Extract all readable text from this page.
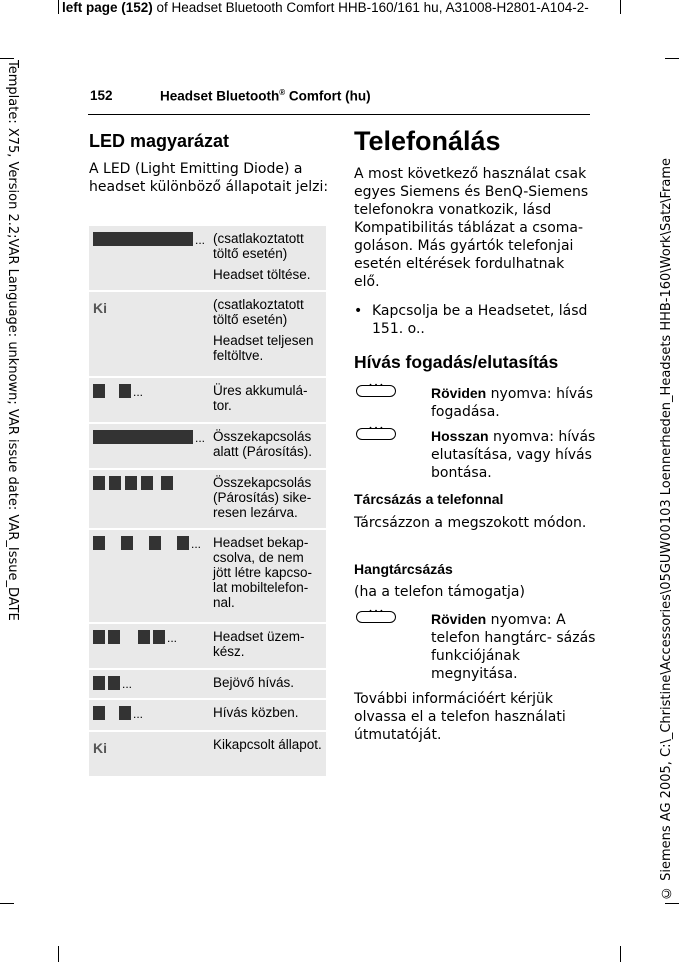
left page (152) of Headset Bluetooth Comfort HHB-160/161 hu, A31008-H2801-A104-2-
Template: X75, Version 2.2;VAR Language: unknown; VAR issue date: VAR_Issue_DATE	© Siemens AG 2005, C:\_Christine\Accessories\05GUW00103 Loennerheden_Headsets HHB-160\Work\Satz\Frame
152	Headset Bluetooth® Comfort (hu)
LED magyarázat
A LED (Light Emitting Diode) a headset különböző állapotait jelzi:
... (csatlakoztatott töltő esetén)

Headset töltése.

Ki	(csatlakoztatott töltő esetén)

Headset teljesen feltöltve.

...	Üres akkumulá- tor.

... Összekapcsolás alatt (Párosítás).

Összekapcsolás (Párosítás) sike- resen lezárva.

... Headset bekap- csolva, de nem jött létre kapcso- lat mobiltelefon- nal.

...	Headset üzem- kész.

...	Bejövő hívás.

...	Hívás közben.

Ki	Kikapcsolt állapot.

Telefonálás
A most következő használat csak egyes Siemens és BenQ-Siemens telefonokra vonatkozik, lásd Kompatibilitás táblázat a csoma-goláson. Más gyártók telefonjai esetén eltérések fordulhatnak elő.
• Kapcsolja be a Headsetet, lásd 151. o..
Hívás fogadás/elutasítás
• • •
Röviden nyomva: hívás fogadása.
• • •
Hosszan nyomva: hívás elutasítása, vagy hívás bontása.
Tárcsázás a telefonnal
Tárcsázzon a megszokott módon.
Hangtárcsázás
(ha a telefon támogatja)
• • •
Röviden nyomva: A telefon hangtárc- sázás funkciójának megnyitása.
További információért kérjük olvassa el a telefon használati útmutatóját.
